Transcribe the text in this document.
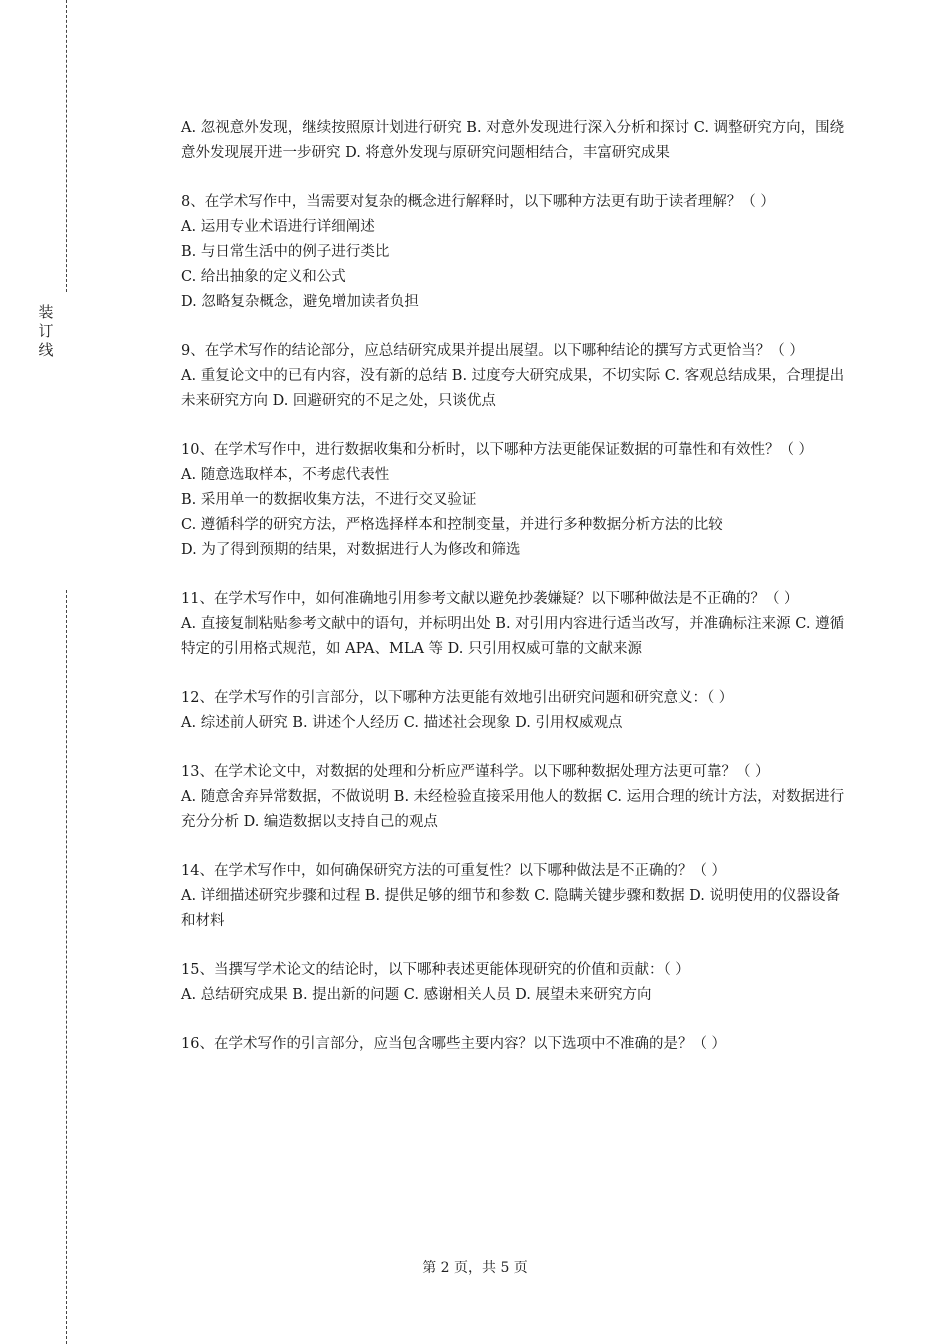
装
订
线

A. 忽视意外发现，继续按照原计划进行研究 B. 对意外发现进行深入分析和探讨 C. 调整研究方向，围绕意外发现展开进一步研究 D. 将意外发现与原研究问题相结合，丰富研究成果

8、在学术写作中，当需要对复杂的概念进行解释时，以下哪种方法更有助于读者理解？（ ）

A. 运用专业术语进行详细阐述

B. 与日常生活中的例子进行类比

C. 给出抽象的定义和公式

D. 忽略复杂概念，避免增加读者负担

9、在学术写作的结论部分，应总结研究成果并提出展望。以下哪种结论的撰写方式更恰当？（ ）

A. 重复论文中的已有内容，没有新的总结 B. 过度夸大研究成果，不切实际 C. 客观总结成果，合理提出未来研究方向 D. 回避研究的不足之处，只谈优点

10、在学术写作中，进行数据收集和分析时，以下哪种方法更能保证数据的可靠性和有效性？（ ）

A. 随意选取样本，不考虑代表性

B. 采用单一的数据收集方法，不进行交叉验证

C. 遵循科学的研究方法，严格选择样本和控制变量，并进行多种数据分析方法的比较

D. 为了得到预期的结果，对数据进行人为修改和筛选

11、在学术写作中，如何准确地引用参考文献以避免抄袭嫌疑？以下哪种做法是不正确的？（ ）

A. 直接复制粘贴参考文献中的语句，并标明出处 B. 对引用内容进行适当改写，并准确标注来源 C. 遵循特定的引用格式规范，如 APA、MLA 等 D. 只引用权威可靠的文献来源

12、在学术写作的引言部分，以下哪种方法更能有效地引出研究问题和研究意义：（ ）

A. 综述前人研究 B. 讲述个人经历 C. 描述社会现象 D. 引用权威观点

13、在学术论文中，对数据的处理和分析应严谨科学。以下哪种数据处理方法更可靠？（ ）

A. 随意舍弃异常数据，不做说明 B. 未经检验直接采用他人的数据 C. 运用合理的统计方法，对数据进行充分分析 D. 编造数据以支持自己的观点

14、在学术写作中，如何确保研究方法的可重复性？以下哪种做法是不正确的？（ ）

A. 详细描述研究步骤和过程 B. 提供足够的细节和参数 C. 隐瞒关键步骤和数据 D. 说明使用的仪器设备和材料

15、当撰写学术论文的结论时，以下哪种表述更能体现研究的价值和贡献：（ ）

A. 总结研究成果 B. 提出新的问题 C. 感谢相关人员 D. 展望未来研究方向

16、在学术写作的引言部分，应当包含哪些主要内容？以下选项中不准确的是？（ ）

第 2 页，共 5 页
